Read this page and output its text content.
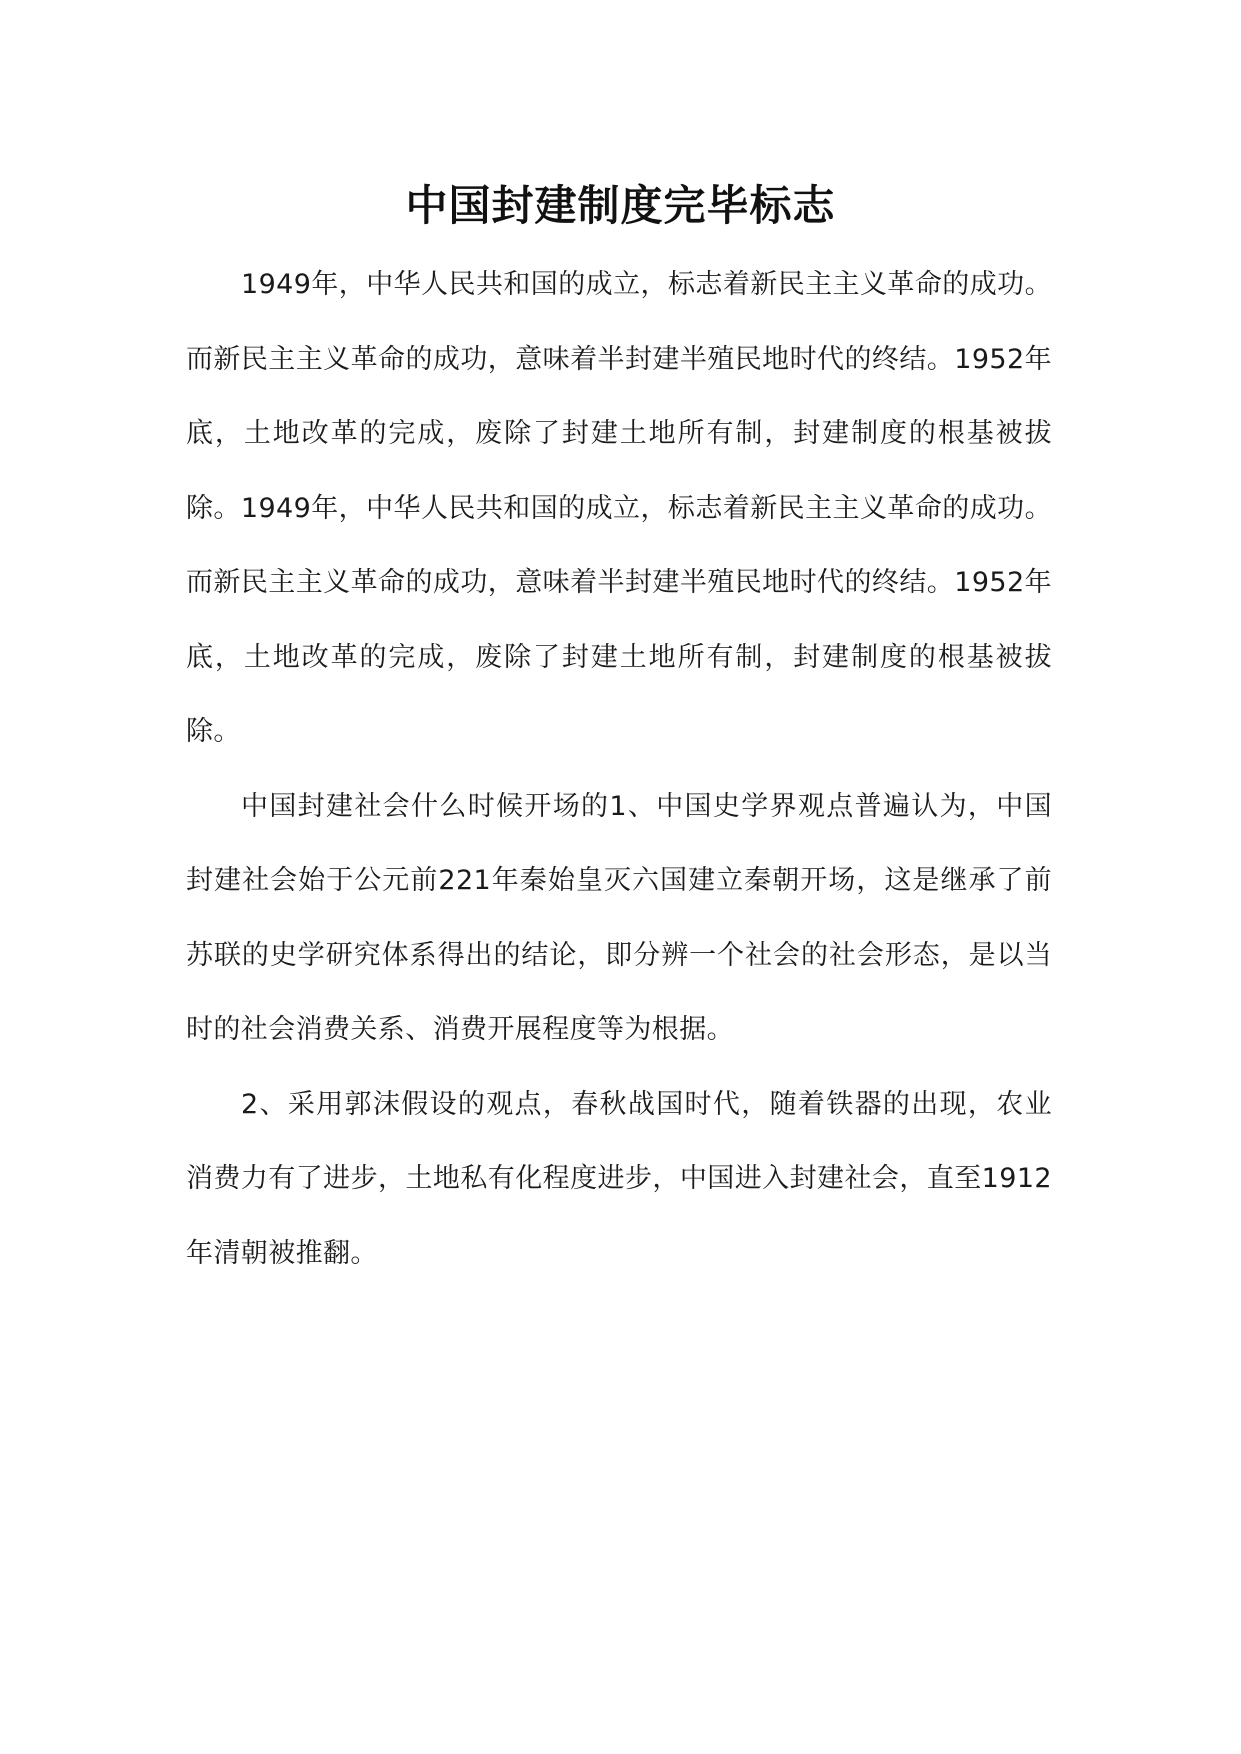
中国封建制度完毕标志

1949年，中华人民共和国的成立，标志着新民主主义革命的成功。而新民主主义革命的成功，意味着半封建半殖民地时代的终结。1952年底，土地改革的完成，废除了封建土地所有制，封建制度的根基被拔除。1949年，中华人民共和国的成立，标志着新民主主义革命的成功。而新民主主义革命的成功，意味着半封建半殖民地时代的终结。1952年底，土地改革的完成，废除了封建土地所有制，封建制度的根基被拔除。

中国封建社会什么时候开场的1、中国史学界观点普遍认为，中国封建社会始于公元前221年秦始皇灭六国建立秦朝开场，这是继承了前苏联的史学研究体系得出的结论，即分辨一个社会的社会形态，是以当时的社会消费关系、消费开展程度等为根据。

2、采用郭沫假设的观点，春秋战国时代，随着铁器的出现，农业消费力有了进步，土地私有化程度进步，中国进入封建社会，直至1912年清朝被推翻。
